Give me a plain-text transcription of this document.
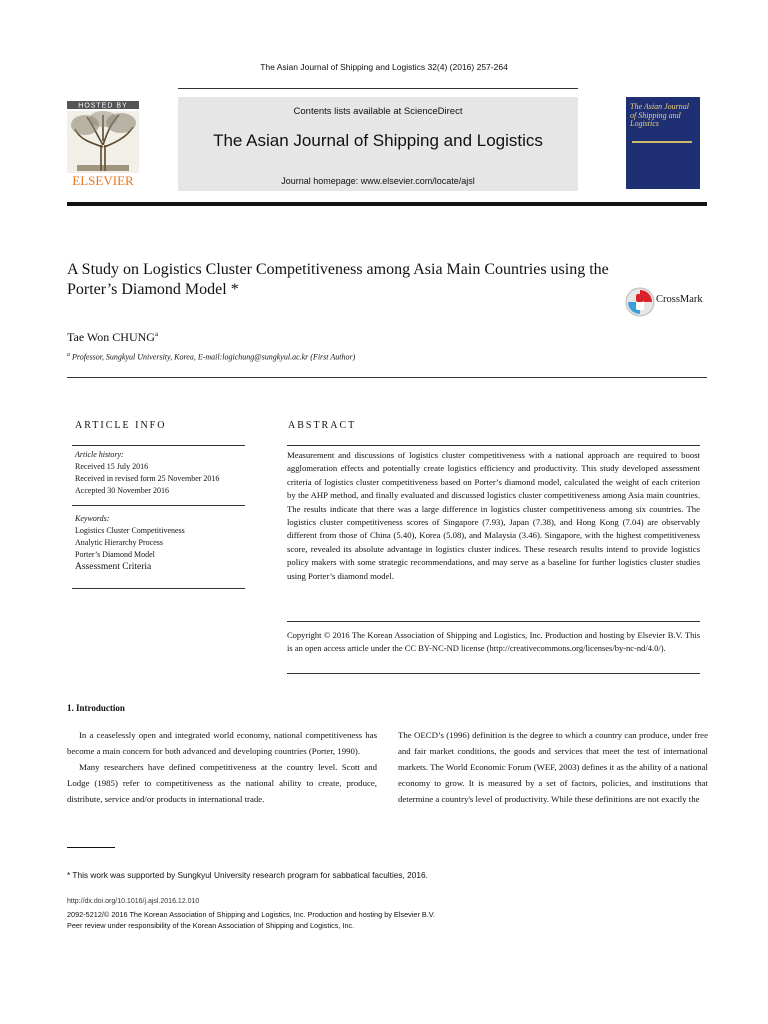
The Asian Journal of Shipping and Logistics 32(4) (2016) 257-264
Contents lists available at ScienceDirect
The Asian Journal of Shipping and Logistics
Journal homepage: www.elsevier.com/locate/ajsl
HOSTED BY
ELSEVIER
The Asian Journal of Shipping and Logistics
A Study on Logistics Cluster Competitiveness among Asia Main Countries using the Porter’s Diamond Model *
CrossMark
Tae Won CHUNG$^a$
$^a$ Professor, Sungkyul University, Korea, E-mail:logichung@sungkyul.ac.kr (First Author)
ARTICLE INFO	ABSTRACT
Article history:
Received 15 July 2016
Received in revised form 25 November 2016
Accepted 30 November 2016
Keywords:
Logistics Cluster Competitiveness
Analytic Hierarchy Process
Porter’s Diamond Model
Assessment Criteria
Measurement and discussions of logistics cluster competitiveness with a national approach are required to boost agglomeration effects and potentially create logistics efficiency and productivity. This study developed assessment criteria of logistics cluster competitiveness based on Porter’s diamond model, calculated the weight of each criterion by the AHP method, and finally evaluated and discussed logistics cluster competitiveness among Asia main countries. The results indicate that there was a large difference in logistics cluster competitiveness among six countries. The logistics cluster competitiveness scores of Singapore (7.93), Japan (7.38), and Hong Kong (7.04) are observably different from those of China (5.40), Korea (5.08), and Malaysia (3.46). Singapore, with the highest competitiveness score, revealed its absolute advantage in logistics cluster indices. These research results intend to provide logistics policy makers with some strategic recommendations, and may serve as a baseline for further logistics cluster studies using Porter’s diamond model.
Copyright © 2016 The Korean Association of Shipping and Logistics, Inc. Production and hosting by Elsevier B.V. This is an open access article under the CC BY-NC-ND license (http://creativecommons.org/licenses/by-nc-nd/4.0/).
1. Introduction

In a ceaselessly open and integrated world economy, national competitiveness has become a main concern for both advanced and developing countries (Porter, 1990).

Many researchers have defined competitiveness at the country level. Scott and Lodge (1985) refer to competitiveness as the national ability to create, produce, distribute, service and/or products in international trade.

The OECD’s (1996) definition is the degree to which a country can produce, under free and fair market conditions, the goods and services that meet the test of international markets. The World Economic Forum (WEF, 2003) defines it as the ability of a national economy to grow. It is measured by a set of factors, policies, and institutions that determine a country's level of productivity. While these definitions are not exactly the

* This work was supported by Sungkyul University research program for sabbatical faculties, 2016.
http://dx.doi.org/10.1016/j.ajsl.2016.12.010
2092-5212/© 2016 The Korean Association of Shipping and Logistics, Inc. Production and hosting by Elsevier B.V.
Peer review under responsibility of the Korean Association of Shipping and Logistics, Inc.
